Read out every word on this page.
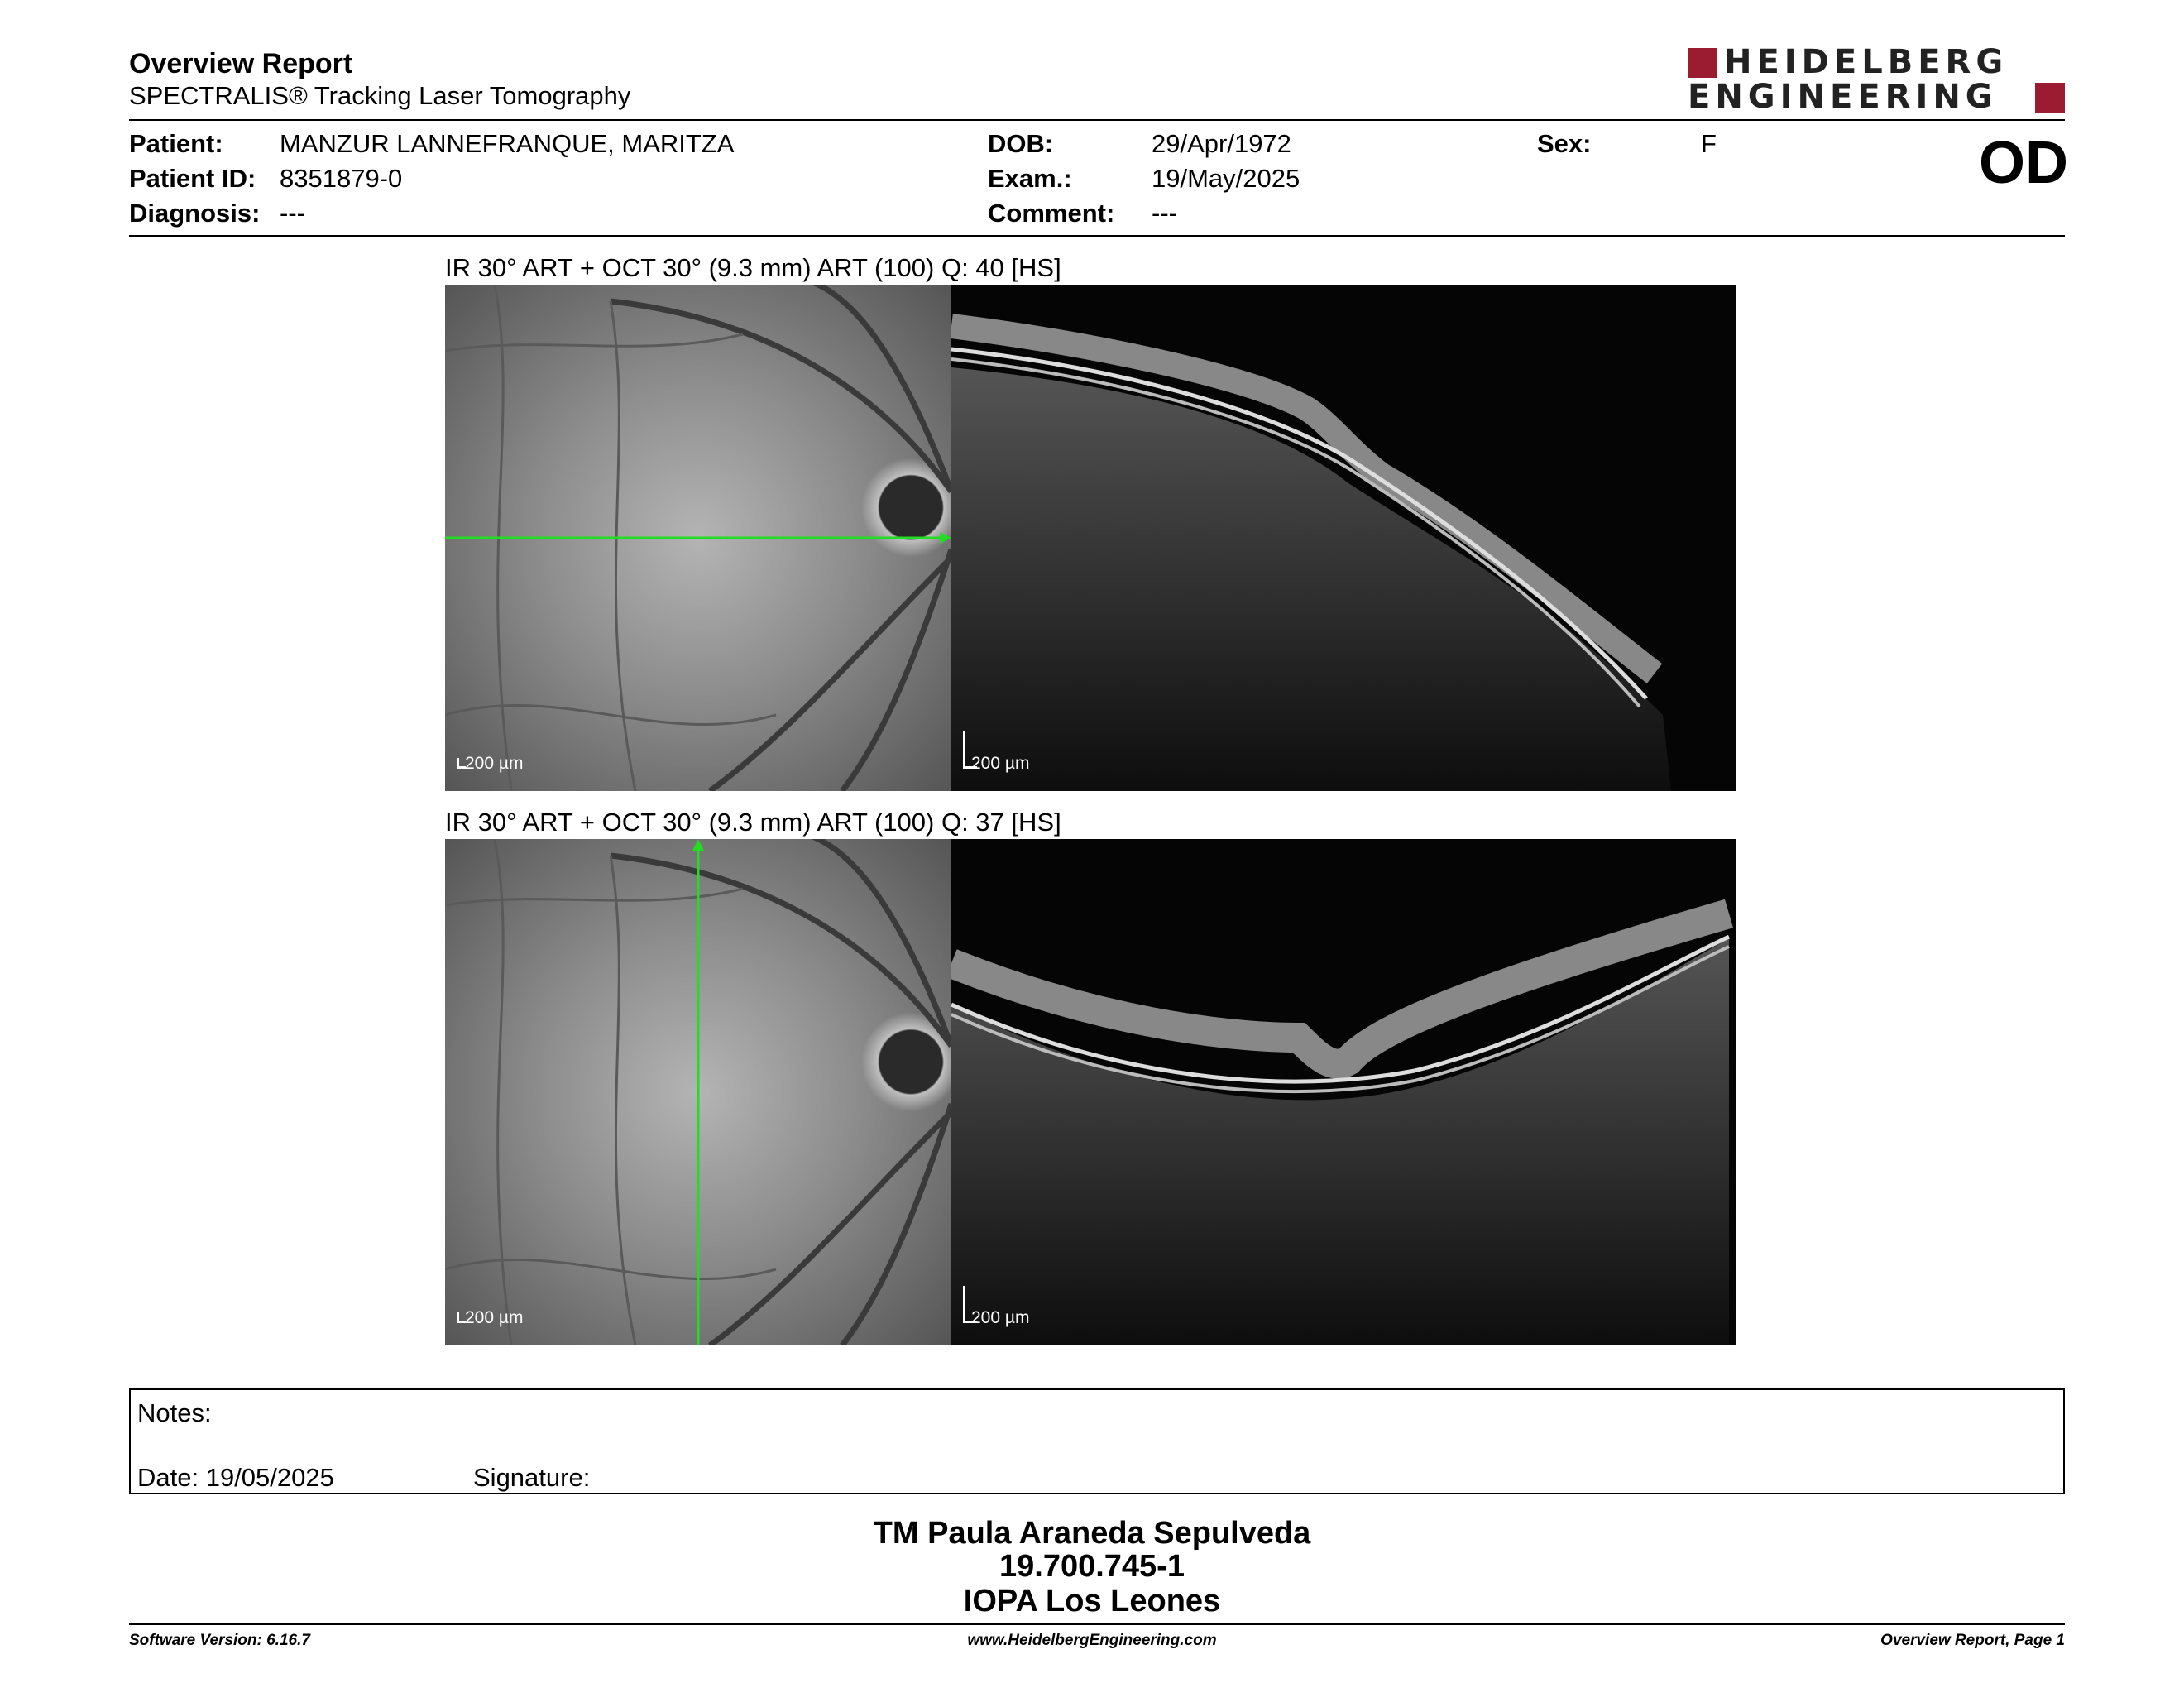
Overview Report
SPECTRALIS® Tracking Laser Tomography
HEIDELBERG
ENGINEERING
Patient: MANZUR LANNEFRANQUE, MARITZA
Patient ID: 8351879-0
Diagnosis: ---
DOB:	29/Apr/1972
Exam.:	19/May/2025
Comment: ---
Sex:	F	OD
IR 30° ART + OCT 30° (9.3 mm) ART (100) Q: 40 [HS]
200 µm	200 µm
IR 30° ART + OCT 30° (9.3 mm) ART (100) Q: 37 [HS]
200 µm	200 µm
Notes:
Date: 19/05/2025	Signature:
TM Paula Araneda Sepulveda
19.700.745-1
IOPA Los Leones
Software Version: 6.16.7	www.HeidelbergEngineering.com	Overview Report, Page 1
